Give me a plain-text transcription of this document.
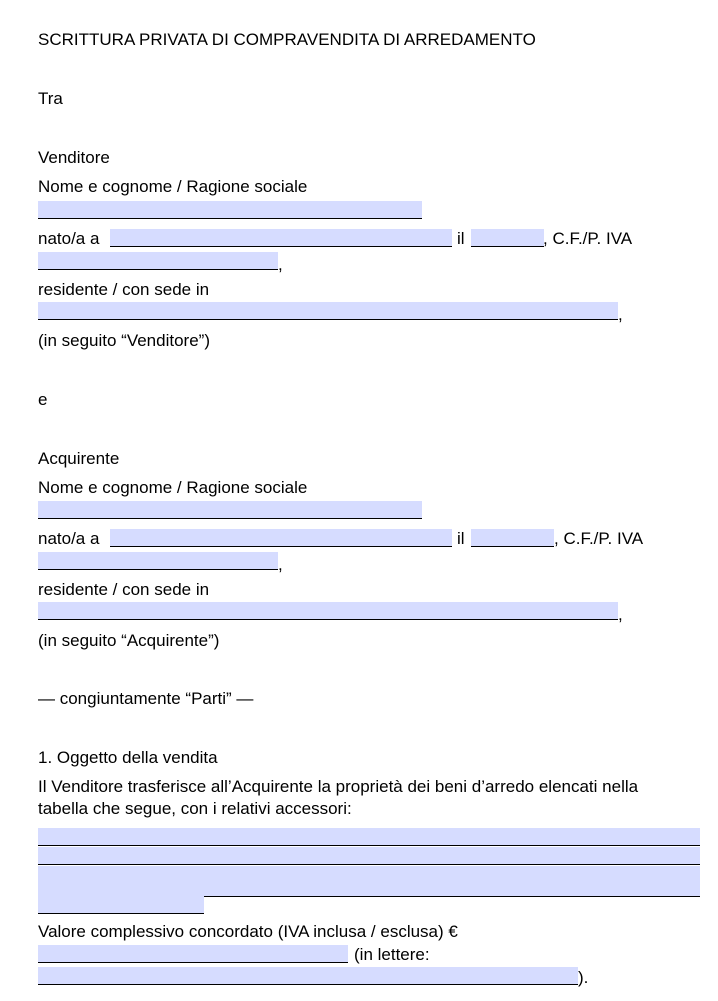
SCRITTURA PRIVATA DI COMPRAVENDITA DI ARREDAMENTO
Tra
Venditore
Nome e cognome / Ragione sociale
nato/a a	il	, C.F./P. IVA
,
residente / con sede in
,
(in seguito “Venditore”)
e
Acquirente
Nome e cognome / Ragione sociale
nato/a a	il	, C.F./P. IVA
,
residente / con sede in
,
(in seguito “Acquirente”)
— congiuntamente “Parti” —
1. Oggetto della vendita
Il Venditore trasferisce all’Acquirente la proprietà dei beni d’arredo elencati nella
tabella che segue, con i relativi accessori:
Valore complessivo concordato (IVA inclusa / esclusa) €
(in lettere:
).
